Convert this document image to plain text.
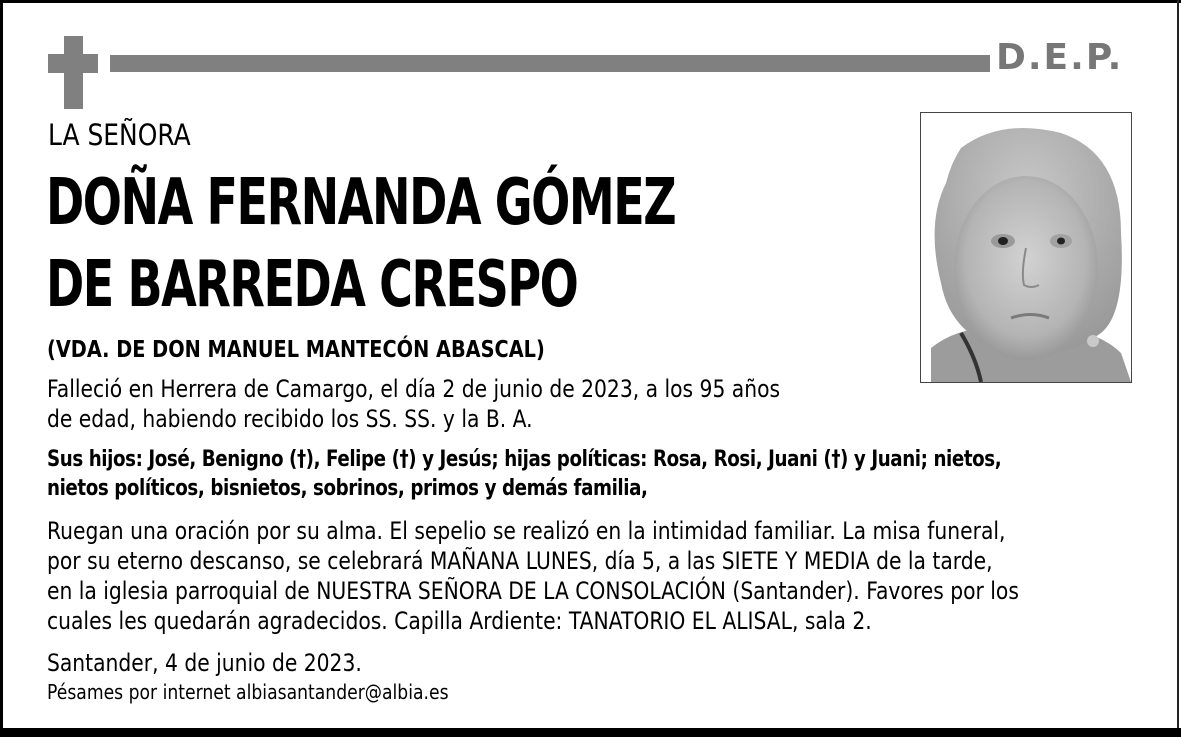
D.E.P.
LA SEÑORA
DOÑA FERNANDA GÓMEZ
DE BARREDA CRESPO
(VDA. DE DON MANUEL MANTECÓN ABASCAL)
Falleció en Herrera de Camargo, el día 2 de junio de 2023, a los 95 años
de edad, habiendo recibido los SS. SS. y la B. A.
Sus hijos: José, Benigno (†), Felipe (†) y Jesús; hijas políticas: Rosa, Rosi, Juani (†) y Juani; nietos,
nietos políticos, bisnietos, sobrinos, primos y demás familia,
Ruegan una oración por su alma. El sepelio se realizó en la intimidad familiar. La misa funeral,
por su eterno descanso, se celebrará MAÑANA LUNES, día 5, a las SIETE Y MEDIA de la tarde,
en la iglesia parroquial de NUESTRA SEÑORA DE LA CONSOLACIÓN (Santander). Favores por los
cuales les quedarán agradecidos. Capilla Ardiente: TANATORIO EL ALISAL, sala 2.
Santander, 4 de junio de 2023.
Pésames por internet albiasantander@albia.es
